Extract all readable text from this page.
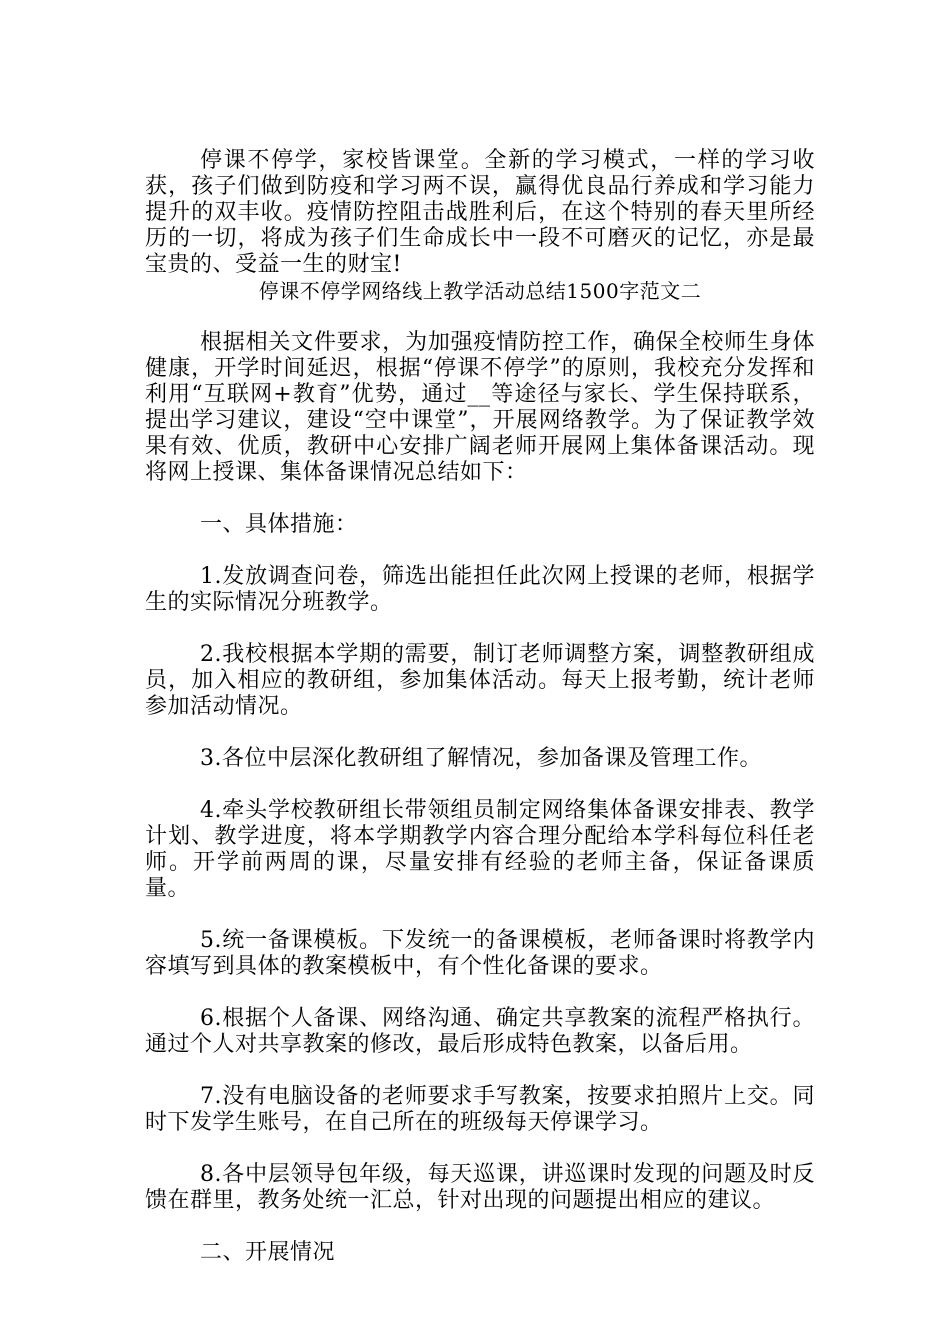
停课不停学，家校皆课堂。全新的学习模式，一样的学习收获，孩子们做到防疫和学习两不误，赢得优良品行养成和学习能力提升的双丰收。疫情防控阻击战胜利后，在这个特别的春天里所经历的一切，将成为孩子们生命成长中一段不可磨灭的记忆，亦是最宝贵的、受益一生的财宝!

停课不停学网络线上教学活动总结1500字范文二

根据相关文件要求，为加强疫情防控工作，确保全校师生身体健康，开学时间延迟，根据“停课不停学”的原则，我校充分发挥和利用“互联网+教育”优势，通过__等途径与家长、学生保持联系，提出学习建议，建设“空中课堂”，开展网络教学。为了保证教学效果有效、优质，教研中心安排广阔老师开展网上集体备课活动。现将网上授课、集体备课情况总结如下：

一、具体措施：

1.发放调查问卷，筛选出能担任此次网上授课的老师，根据学生的实际情况分班教学。

2.我校根据本学期的需要，制订老师调整方案，调整教研组成员，加入相应的教研组，参加集体活动。每天上报考勤，统计老师参加活动情况。

3.各位中层深化教研组了解情况，参加备课及管理工作。

4.牵头学校教研组长带领组员制定网络集体备课安排表、教学计划、教学进度，将本学期教学内容合理分配给本学科每位科任老师。开学前两周的课，尽量安排有经验的老师主备，保证备课质量。

5.统一备课模板。下发统一的备课模板，老师备课时将教学内容填写到具体的教案模板中，有个性化备课的要求。

6.根据个人备课、网络沟通、确定共享教案的流程严格执行。通过个人对共享教案的修改，最后形成特色教案，以备后用。

7.没有电脑设备的老师要求手写教案，按要求拍照片上交。同时下发学生账号，在自己所在的班级每天停课学习。

8.各中层领导包年级，每天巡课，讲巡课时发现的问题及时反馈在群里，教务处统一汇总，针对出现的问题提出相应的建议。

二、开展情况
